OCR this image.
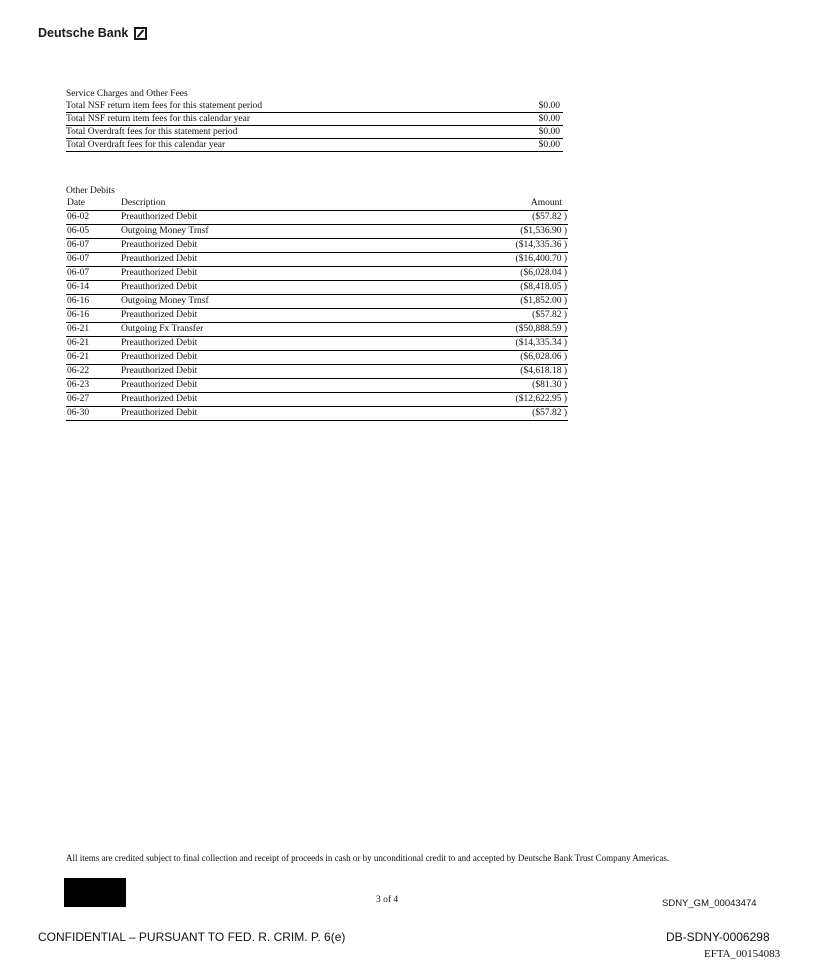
Deutsche Bank
Service Charges and Other Fees
Total NSF return item fees for this statement period	$0.00
Total NSF return item fees for this calendar year	$0.00
Total Overdraft fees for this statement period	$0.00
Total Overdraft fees for this calendar year	$0.00
Other Debits
Date	Description	Amount
06-02	Preauthorized Debit	($57.82 )
06-05	Outgoing Money Trnsf	($1,536.90 )
06-07	Preauthorized Debit	($14,335.36 )
06-07	Preauthorized Debit	($16,400.70 )
06-07	Preauthorized Debit	($6,028.04 )
06-14	Preauthorized Debit	($8,418.05 )
06-16	Outgoing Money Trnsf	($1,852.00 )
06-16	Preauthorized Debit	($57.82 )
06-21	Outgoing Fx Transfer	($50,888.59 )
06-21	Preauthorized Debit	($14,335.34 )
06-21	Preauthorized Debit	($6,028.06 )
06-22	Preauthorized Debit	($4,618.18 )
06-23	Preauthorized Debit	($81.30 )
06-27	Preauthorized Debit	($12,622.95 )
06-30	Preauthorized Debit	($57.82 )
All items are credited subject to final collection and receipt of proceeds in cash or by unconditional credit to and accepted by Deutsche Bank Trust Company Americas.
3 of 4	SDNY_GM_00043474
CONFIDENTIAL – PURSUANT TO FED. R. CRIM. P. 6(e)	DB-SDNY-0006298
EFTA_00154083
